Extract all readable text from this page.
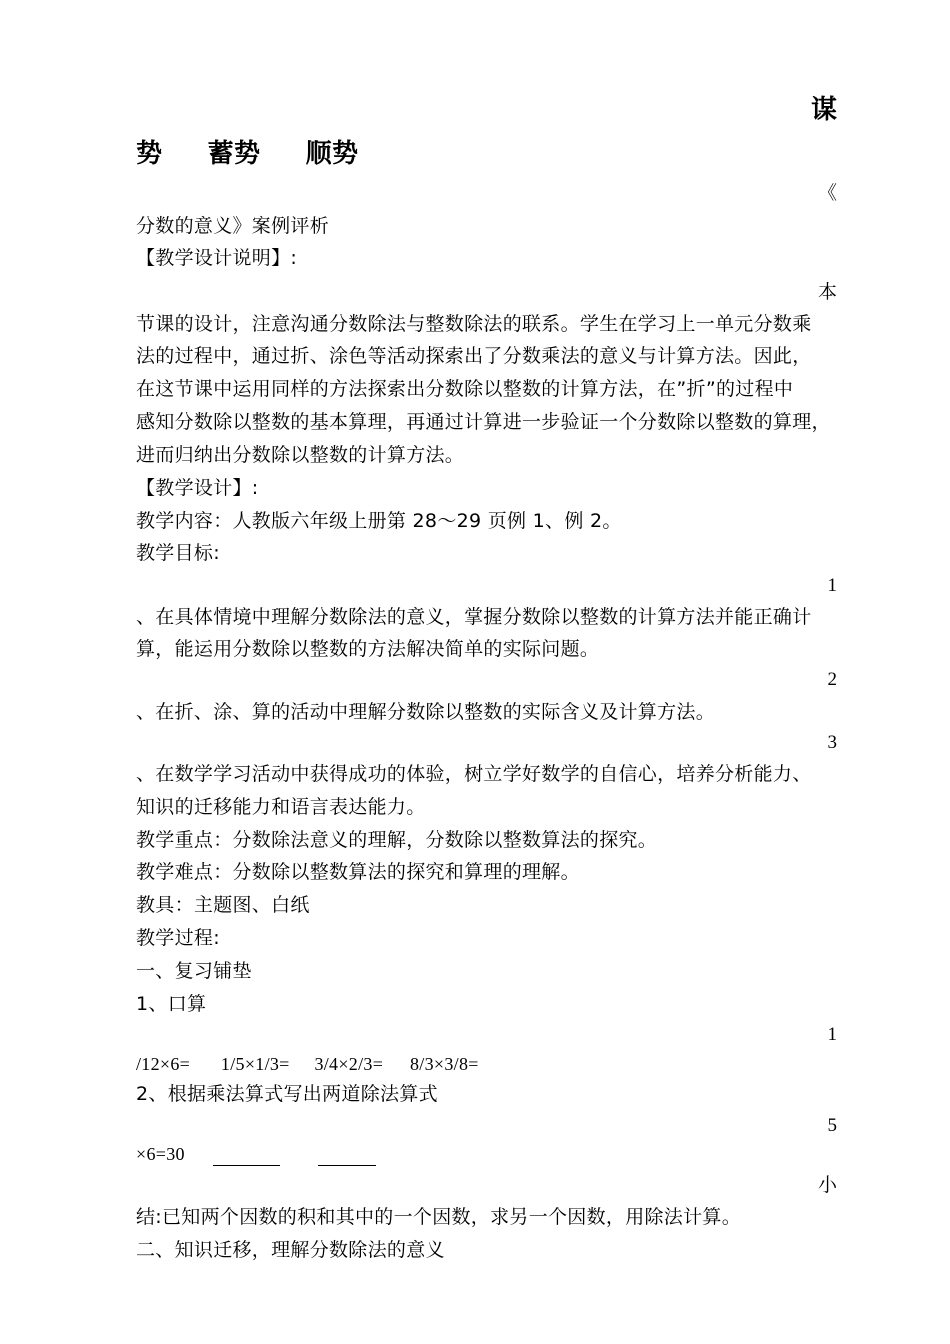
谋
势 蓄势 顺势
《
分数的意义》案例评析
【教学设计说明】:
本
节课的设计，注意沟通分数除法与整数除法的联系。学生在学习上一单元分数乘
法的过程中，通过折、涂色等活动探索出了分数乘法的意义与计算方法。因此，
在这节课中运用同样的方法探索出分数除以整数的计算方法，在”折”的过程中
感知分数除以整数的基本算理，再通过计算进一步验证一个分数除以整数的算理，
进而归纳出分数除以整数的计算方法。
【教学设计】:
教学内容：人教版六年级上册第 28～29 页例 1、例 2。
教学目标:
1
、在具体情境中理解分数除法的意义，掌握分数除以整数的计算方法并能正确计
算，能运用分数除以整数的方法解决简单的实际问题。
2
、在折、涂、算的活动中理解分数除以整数的实际含义及计算方法。
3
、在数学学习活动中获得成功的体验，树立学好数学的自信心，培养分析能力、
知识的迁移能力和语言表达能力。
教学重点：分数除法意义的理解，分数除以整数算法的探究。
教学难点：分数除以整数算法的探究和算理的理解。
教具：主题图、白纸
教学过程:
一、复习铺垫
1、口算
1
/12×6= 1/5×1/3= 3/4×2/3= 8/3×3/8=
2、根据乘法算式写出两道除法算式
5
×6=30
小
结:已知两个因数的积和其中的一个因数，求另一个因数，用除法计算。
二、知识迁移，理解分数除法的意义
